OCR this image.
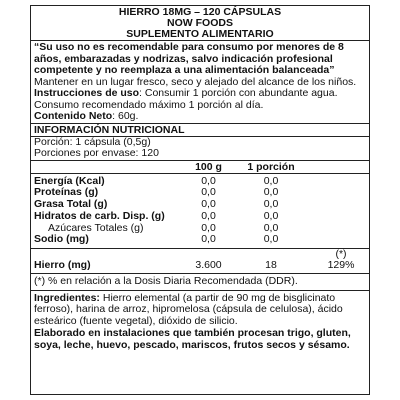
HIERRO 18MG – 120 CÁPSULAS
NOW FOODS
SUPLEMENTO ALIMENTARIO
“Su uso no es recomendable para consumo por menores de 8 años, embarazadas y nodrizas, salvo indicación profesional competente y no reemplaza a una alimentación balanceada”
Mantener en un lugar fresco, seco y alejado del alcance de los niños. Instrucciones de uso: Consumir 1 porción con abundante agua. Consumo recomendado máximo 1 porción al día.
Contenido Neto: 60g.
INFORMACIÓN NUTRICIONAL
Porción: 1 cápsula (0,5g)
Porciones por envase: 120
100 g	1 porción
Energía (Kcal)	0,0	0,0
Proteínas (g)	0,0	0,0
Grasa Total (g)	0,0	0,0
Hidratos de carb. Disp. (g)	0,0	0,0
Azúcares Totales (g)	0,0	0,0
Sodio (mg)	0,0	0,0
(*)
Hierro (mg)	3.600	18	129%
(*) % en relación a la Dosis Diaria Recomendada (DDR).
Ingredientes: Hierro elemental (a partir de 90 mg de bisglicinato ferroso), harina de arroz, hipromelosa (cápsula de celulosa), ácido esteárico (fuente vegetal), dióxido de silicio.
Elaborado en instalaciones que también procesan trigo, gluten, soya, leche, huevo, pescado, mariscos, frutos secos y sésamo.
